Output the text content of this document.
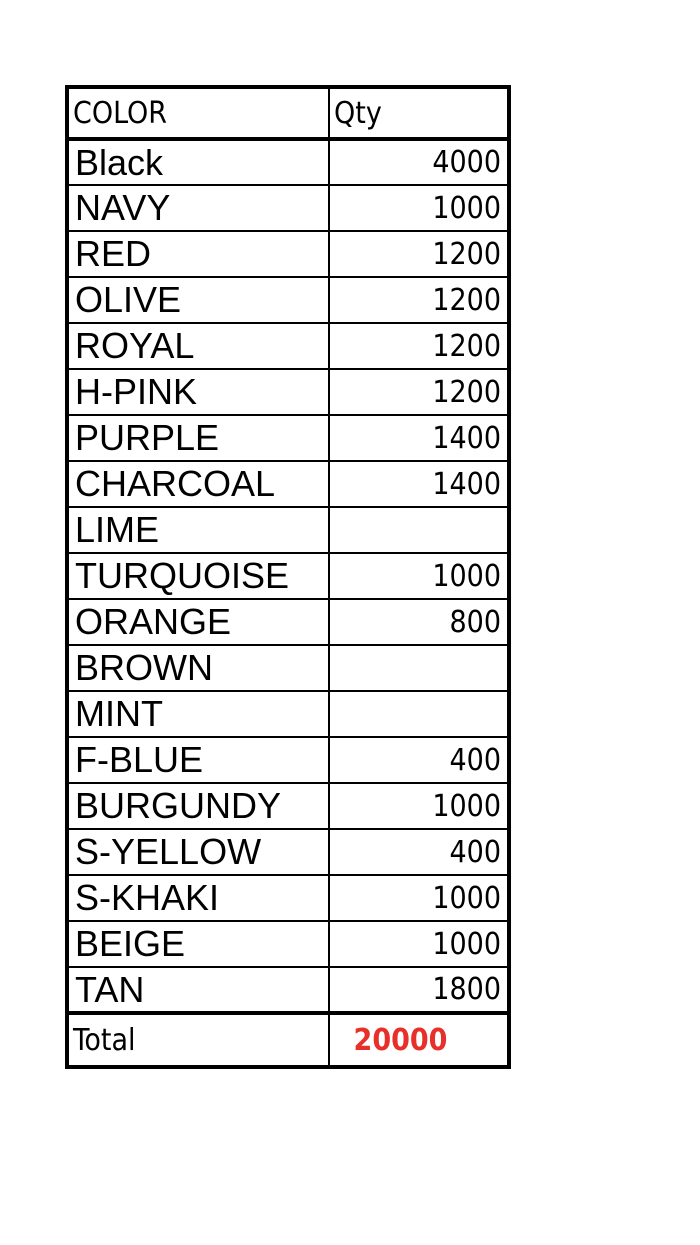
COLOR	Qty
Black	4000
NAVY	1000
RED	1200
OLIVE	1200
ROYAL	1200
H-PINK	1200
PURPLE	1400
CHARCOAL	1400
LIME	
TURQUOISE	1000
ORANGE	800
BROWN	
MINT	
F-BLUE	400
BURGUNDY	1000
S-YELLOW	400
S-KHAKI	1000
BEIGE	1000
TAN	1800
Total	20000
